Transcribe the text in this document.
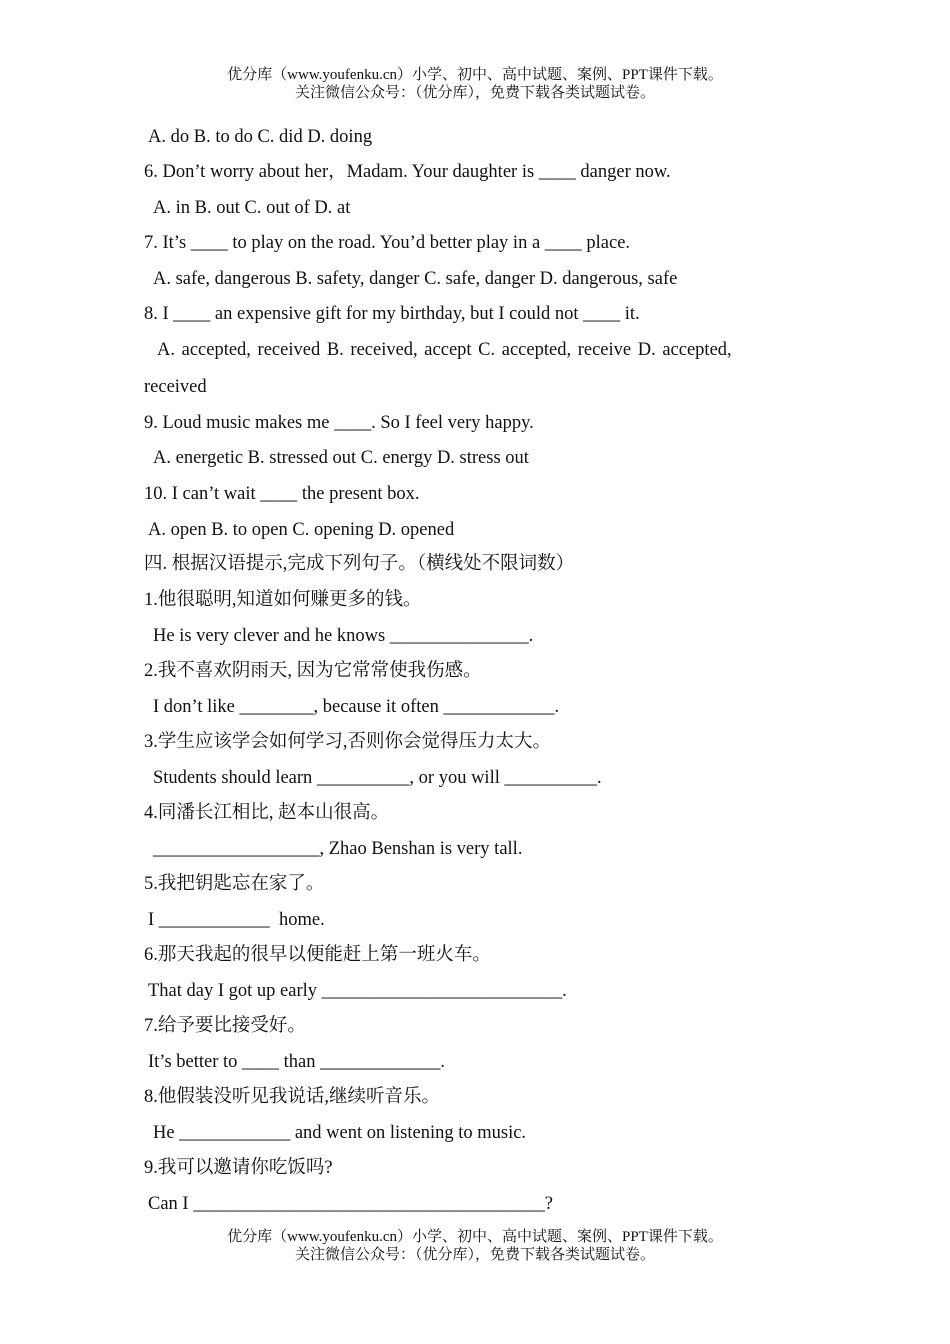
优分库（www.youfenku.cn）小学、初中、高中试题、案例、PPT课件下载。
关注微信公众号：（优分库），免费下载各类试题试卷。
A. do B. to do C. did D. doing
6. Don’t worry about her，Madam. Your daughter is ____ danger now.
A. in B. out C. out of D. at
7. It’s ____ to play on the road. You’d better play in a ____ place.
A. safe, dangerous B. safety, danger C. safe, danger D. dangerous, safe
8. I ____ an expensive gift for my birthday, but I could not ____ it.
A. accepted, received B. received, accept C. accepted, receive D. accepted,
received
9. Loud music makes me ____. So I feel very happy.
A. energetic B. stressed out C. energy D. stress out
10. I can’t wait ____ the present box.
A. open B. to open C. opening D. opened
四. 根据汉语提示,完成下列句子。（横线处不限词数）
1.他很聪明,知道如何赚更多的钱。
He is very clever and he knows _______________.
2.我不喜欢阴雨天, 因为它常常使我伤感。
I don’t like ________, because it often ____________.
3.学生应该学会如何学习,否则你会觉得压力太大。
Students should learn __________, or you will __________.
4.同潘长江相比, 赵本山很高。
__________________, Zhao Benshan is very tall.
5.我把钥匙忘在家了。
I ____________  home.
6.那天我起的很早以便能赶上第一班火车。
That day I got up early __________________________.
7.给予要比接受好。
It’s better to ____ than _____________.
8.他假装没听见我说话,继续听音乐。
He ____________ and went on listening to music.
9.我可以邀请你吃饭吗?
Can I ______________________________________?
优分库（www.youfenku.cn）小学、初中、高中试题、案例、PPT课件下载。
关注微信公众号：（优分库），免费下载各类试题试卷。
